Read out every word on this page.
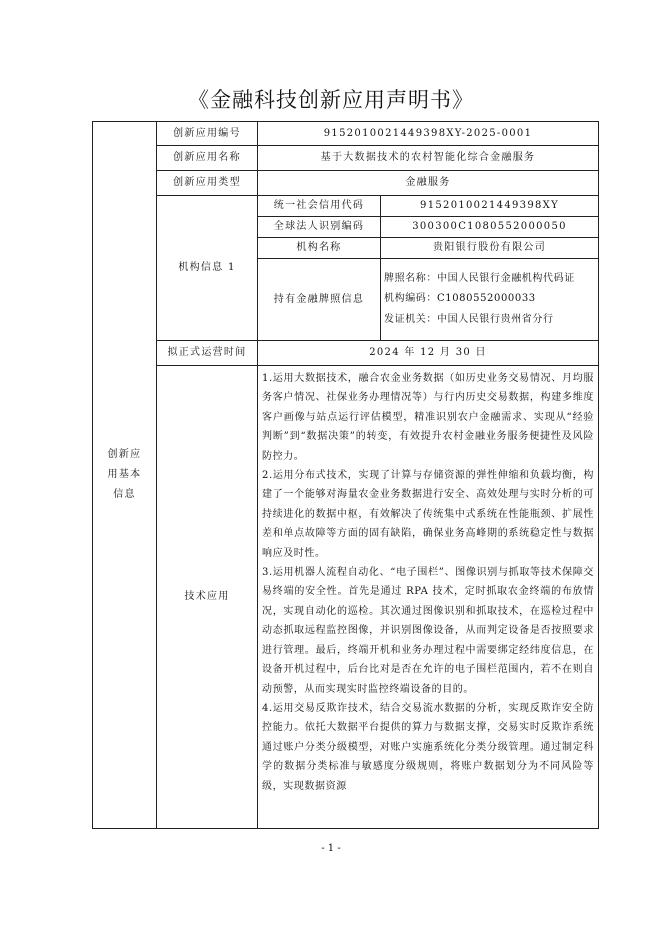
《金融科技创新应用声明书》
创新应用基本信息	创新应用编号	91520100214493​98XY-2025-0001	
	创新应用名称	基于大数据技术的农村智能化综合金融服务	
	创新应用类型	金融服务	
	机构信息 1	统一社会信用代码	9152010021449398XY
		全球法人识别编码	300300C1080552000050
		机构名称	贵阳银行股份有限公司
		持有金融牌照信息	牌照名称：中国人民银行金融机构代码证
机构编码：C1080552000033
发证机关：中国人民银行贵州省分行

	拟正式运营时间	2024 年 12 月 30 日	
	技术应用	1.运用大数据技术，融合农金业务数据（如历史业务交易情况、月均服务客户情况、社保业务办理情况等）与行内历史交易数据，构建多维度客户画像与站点运行评估模型，精准识别农户金融需求、实现从“经验判断”到“数据决策”的转变，有效提升农村金融业务服务便捷性及风险防控力。
2.运用分布式技术，实现了计算与存储资源的弹性伸缩和负载均衡，构建了一个能够对海量农金业务数据进行安全、高效处理与实时分析的可持续进化的数据中枢，有效解决了传统集中式系统在性能瓶颈、扩展性差和单点故障等方面的固有缺陷，确保业务高峰期的系统稳定性与数据响应及时性。
3.运用机器人流程自动化、“电子围栏”、图像识别与抓取等技术保障交易终端的安全性。首先是通过 RPA 技术，定时抓取农金终端的布放情况，实现自动化的巡检。其次通过图像识别和抓取技术，在巡检过程中动态抓取远程监控图像，并识别图像设备，从而判定设备是否按照要求进行管理。最后，终端开机和业务办理过程中需要绑定经纬度信息，在设备开机过程中，后台比对是否在允许的电子围栏范围内，若不在则自动预警，从而实现实时监控终端设备的目的。
4.运用交易反欺诈技术，结合交易流水数据的分析，实现反欺诈安全防控能力。依托大数据平台提供的算力与数据支撑，交易实时反欺诈系统通过账户分类分级模型，对账户实施系统化分类分级管理。通过制定科学的数据分类标准与敏感度分级规则，将账户数据划分为不同风险等级，实现数据资源	
- 1 -
